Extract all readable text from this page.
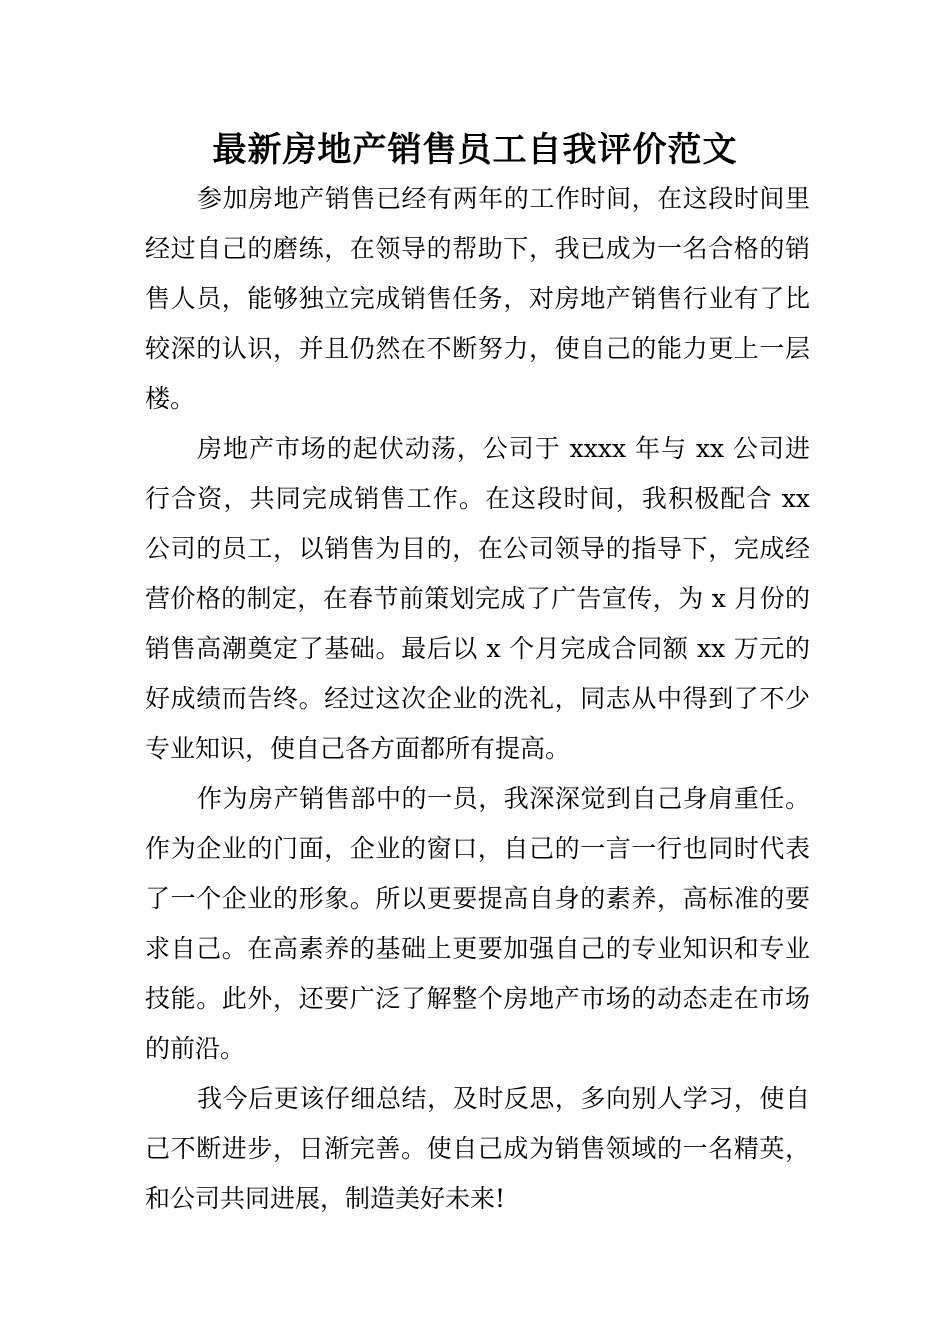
最新房地产销售员工自我评价范文

参加房地产销售已经有两年的工作时间，在这段时间里经过自己的磨练，在领导的帮助下，我已成为一名合格的销售人员，能够独立完成销售任务，对房地产销售行业有了比较深的认识，并且仍然在不断努力，使自己的能力更上一层楼。

房地产市场的起伏动荡，公司于 xxxx 年与 xx 公司进行合资，共同完成销售工作。在这段时间，我积极配合 xx 公司的员工，以销售为目的，在公司领导的指导下，完成经营价格的制定，在春节前策划完成了广告宣传，为 x 月份的销售高潮奠定了基础。最后以 x 个月完成合同额 xx 万元的好成绩而告终。经过这次企业的洗礼，同志从中得到了不少专业知识，使自己各方面都所有提高。

作为房产销售部中的一员，我深深觉到自己身肩重任。作为企业的门面，企业的窗口，自己的一言一行也同时代表了一个企业的形象。所以更要提高自身的素养，高标准的要求自己。在高素养的基础上更要加强自己的专业知识和专业技能。此外，还要广泛了解整个房地产市场的动态走在市场的前沿。

我今后更该仔细总结，及时反思，多向别人学习，使自己不断进步，日渐完善。使自己成为销售领域的一名精英，和公司共同进展，制造美好未来!
